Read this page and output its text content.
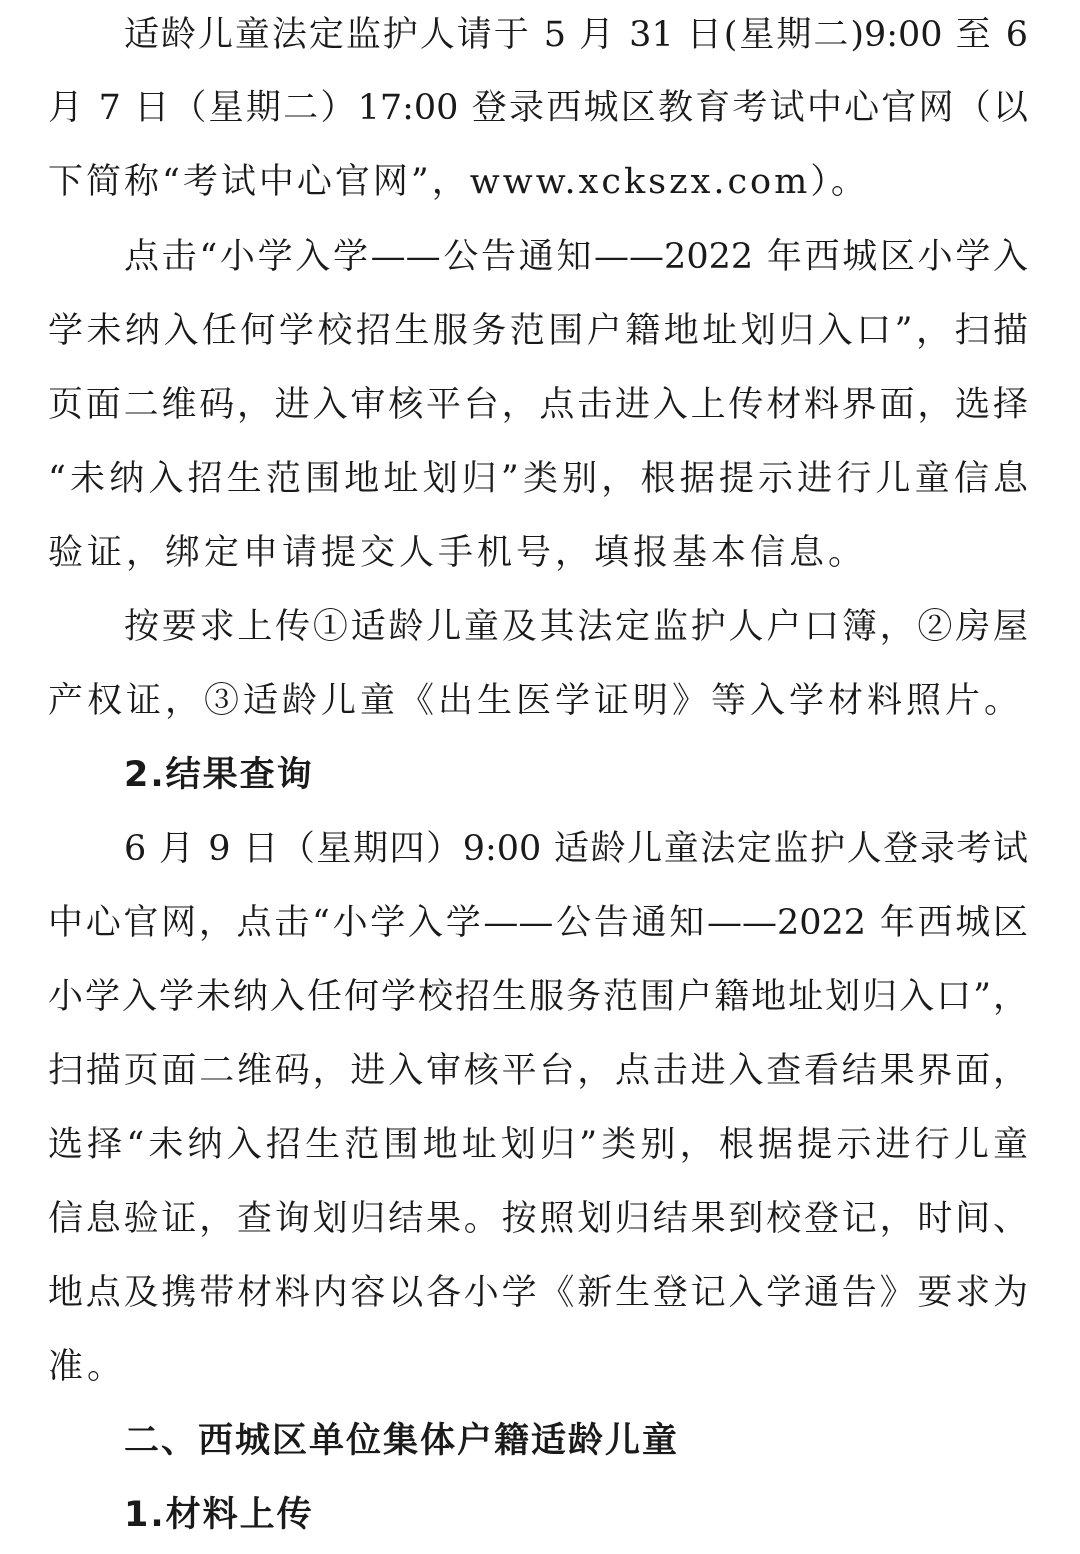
适龄儿童法定监护人请于 5 月 31 日(星期二)9:00 至 6
月 7 日（星期二）17:00 登录西城区教育考试中心官网（以
下简称“考试中心官网”，www.xckszx.com）。
点击“小学入学——公告通知——2022 年西城区小学入
学未纳入任何学校招生服务范围户籍地址划归入口”，扫描
页面二维码，进入审核平台，点击进入上传材料界面，选择
“未纳入招生范围地址划归”类别，根据提示进行儿童信息
验证，绑定申请提交人手机号，填报基本信息。
按要求上传①适龄儿童及其法定监护人户口簿，②房屋
产权证，③适龄儿童《出生医学证明》等入学材料照片。
2.结果查询
6 月 9 日（星期四）9:00 适龄儿童法定监护人登录考试
中心官网，点击“小学入学——公告通知——2022 年西城区
小学入学未纳入任何学校招生服务范围户籍地址划归入口”，
扫描页面二维码，进入审核平台，点击进入查看结果界面，
选择“未纳入招生范围地址划归”类别，根据提示进行儿童
信息验证，查询划归结果。按照划归结果到校登记，时间、
地点及携带材料内容以各小学《新生登记入学通告》要求为
准。
二、西城区单位集体户籍适龄儿童
1.材料上传
